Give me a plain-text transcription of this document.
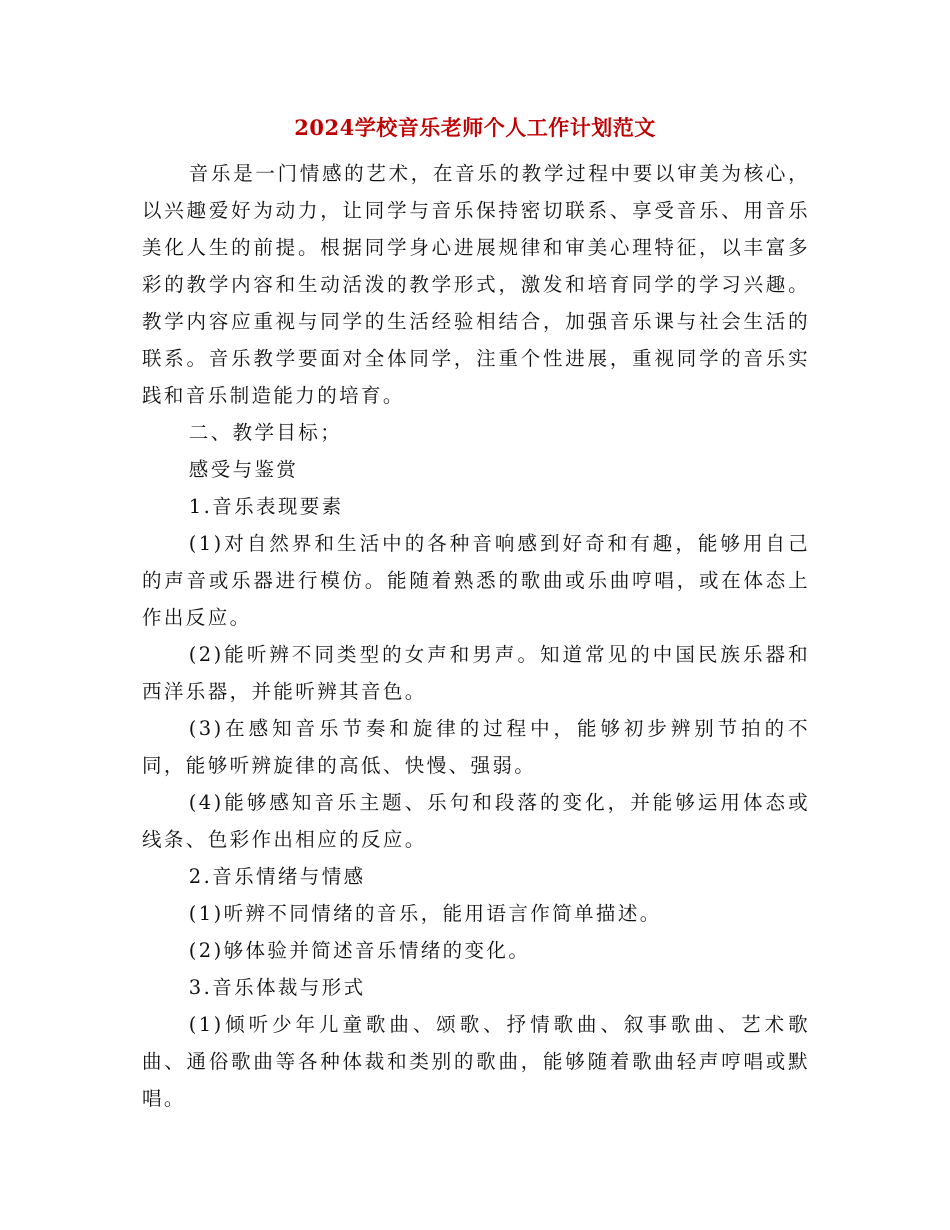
2024学校音乐老师个人工作计划范文

音乐是一门情感的艺术，在音乐的教学过程中要以审美为核心，以兴趣爱好为动力，让同学与音乐保持密切联系、享受音乐、用音乐美化人生的前提。根据同学身心进展规律和审美心理特征，以丰富多彩的教学内容和生动活泼的教学形式，激发和培育同学的学习兴趣。教学内容应重视与同学的生活经验相结合，加强音乐课与社会生活的联系。音乐教学要面对全体同学，注重个性进展，重视同学的音乐实践和音乐制造能力的培育。

二、教学目标；

感受与鉴赏

1.音乐表现要素

(1)对自然界和生活中的各种音响感到好奇和有趣，能够用自己的声音或乐器进行模仿。能随着熟悉的歌曲或乐曲哼唱，或在体态上作出反应。

(2)能听辨不同类型的女声和男声。知道常见的中国民族乐器和西洋乐器，并能听辨其音色。

(3)在感知音乐节奏和旋律的过程中，能够初步辨别节拍的不同，能够听辨旋律的高低、快慢、强弱。

(4)能够感知音乐主题、乐句和段落的变化，并能够运用体态或线条、色彩作出相应的反应。

2.音乐情绪与情感

(1)听辨不同情绪的音乐，能用语言作简单描述。

(2)够体验并简述音乐情绪的变化。

3.音乐体裁与形式

(1)倾听少年儿童歌曲、颂歌、抒情歌曲、叙事歌曲、艺术歌曲、通俗歌曲等各种体裁和类别的歌曲，能够随着歌曲轻声哼唱或默唱。
